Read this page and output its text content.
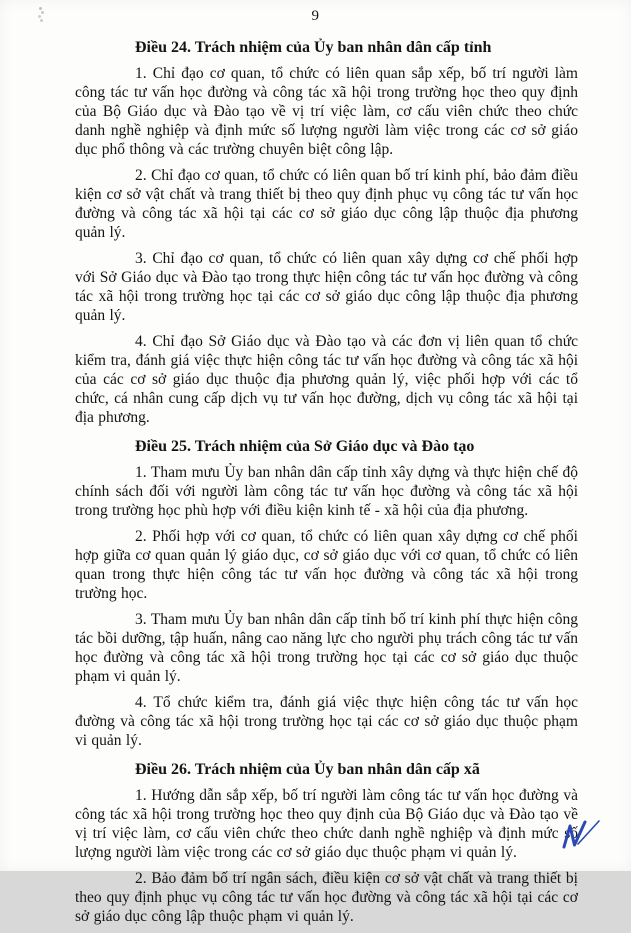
9
Điều 24. Trách nhiệm của Ủy ban nhân dân cấp tỉnh

1. Chỉ đạo cơ quan, tổ chức có liên quan sắp xếp, bố trí người làm công tác tư vấn học đường và công tác xã hội trong trường học theo quy định của Bộ Giáo dục và Đào tạo về vị trí việc làm, cơ cấu viên chức theo chức danh nghề nghiệp và định mức số lượng người làm việc trong các cơ sở giáo dục phổ thông và các trường chuyên biệt công lập.

2. Chỉ đạo cơ quan, tổ chức có liên quan bố trí kinh phí, bảo đảm điều kiện cơ sở vật chất và trang thiết bị theo quy định phục vụ công tác tư vấn học đường và công tác xã hội tại các cơ sở giáo dục công lập thuộc địa phương quản lý.

3. Chỉ đạo cơ quan, tổ chức có liên quan xây dựng cơ chế phối hợp với Sở Giáo dục và Đào tạo trong thực hiện công tác tư vấn học đường và công tác xã hội trong trường học tại các cơ sở giáo dục công lập thuộc địa phương quản lý.

4. Chỉ đạo Sở Giáo dục và Đào tạo và các đơn vị liên quan tổ chức kiểm tra, đánh giá việc thực hiện công tác tư vấn học đường và công tác xã hội của các cơ sở giáo dục thuộc địa phương quản lý, việc phối hợp với các tổ chức, cá nhân cung cấp dịch vụ tư vấn học đường, dịch vụ công tác xã hội tại địa phương.

Điều 25. Trách nhiệm của Sở Giáo dục và Đào tạo

1. Tham mưu Ủy ban nhân dân cấp tỉnh xây dựng và thực hiện chế độ chính sách đối với người làm công tác tư vấn học đường và công tác xã hội trong trường học phù hợp với điều kiện kinh tế - xã hội của địa phương.

2. Phối hợp với cơ quan, tổ chức có liên quan xây dựng cơ chế phối hợp giữa cơ quan quản lý giáo dục, cơ sở giáo dục với cơ quan, tổ chức có liên quan trong thực hiện công tác tư vấn học đường và công tác xã hội trong trường học.

3. Tham mưu Ủy ban nhân dân cấp tỉnh bố trí kinh phí thực hiện công tác bồi dưỡng, tập huấn, nâng cao năng lực cho người phụ trách công tác tư vấn học đường và công tác xã hội trong trường học tại các cơ sở giáo dục thuộc phạm vi quản lý.

4. Tổ chức kiểm tra, đánh giá việc thực hiện công tác tư vấn học đường và công tác xã hội trong trường học tại các cơ sở giáo dục thuộc phạm vi quản lý.

Điều 26. Trách nhiệm của Ủy ban nhân dân cấp xã

1. Hướng dẫn sắp xếp, bố trí người làm công tác tư vấn học đường và công tác xã hội trong trường học theo quy định của Bộ Giáo dục và Đào tạo về vị trí việc làm, cơ cấu viên chức theo chức danh nghề nghiệp và định mức số lượng người làm việc trong các cơ sở giáo dục thuộc phạm vi quản lý.

2. Bảo đảm bố trí ngân sách, điều kiện cơ sở vật chất và trang thiết bị theo quy định phục vụ công tác tư vấn học đường và công tác xã hội tại các cơ sở giáo dục công lập thuộc phạm vi quản lý.
